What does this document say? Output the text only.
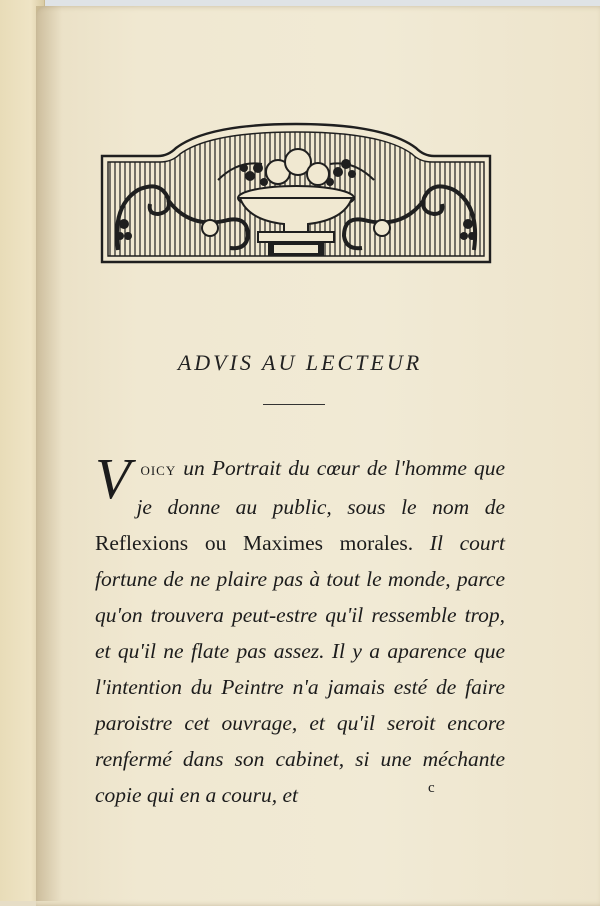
ADVIS AU LECTEUR
VOICY un Portrait du cœur de l'homme que je donne au public, sous le nom de Reflexions ou Maximes morales. Il court fortune de ne plaire pas à tout le monde, parce qu'on trouvera peut-estre qu'il ressemble trop, et qu'il ne flate pas assez. Il y a aparence que l'intention du Peintre n'a jamais esté de faire paroistre cet ouvrage, et qu'il seroit encore renfermé dans son cabinet, si une méchante copie qui en a couru, et	c
